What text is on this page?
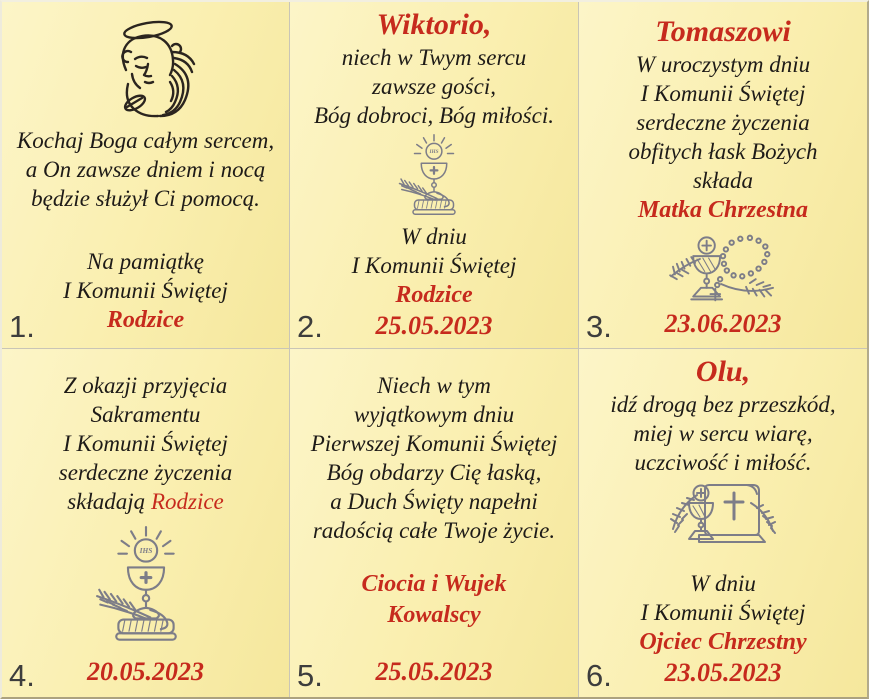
Kochaj Boga całym sercem,
a On zawsze dniem i nocą
będzie służył Ci pomocą.
Na pamiątkę
I Komunii Świętej
Rodzice
1.
Wiktorio,
niech w Twym sercu
zawsze gości,
Bóg dobroci, Bóg miłości.
W dniu
I Komunii Świętej
Rodzice
25.05.2023
2.
Tomaszowi
W uroczystym dniu
I Komunii Świętej
serdeczne życzenia
obfitych łask Bożych
składa
Matka Chrzestna
23.06.2023
3.
Z okazji przyjęcia
Sakramentu
I Komunii Świętej
serdeczne życzenia
składają Rodzice
20.05.2023
4.
Niech w tym
wyjątkowym dniu
Pierwszej Komunii Świętej
Bóg obdarzy Cię łaską,
a Duch Święty napełni
radością całe Twoje życie.
Ciocia i Wujek
Kowalscy
25.05.2023
5.
Olu,
idź drogą bez przeszkód,
miej w sercu wiarę,
uczciwość i miłość.
W dniu
I Komunii Świętej
Ojciec Chrzestny
23.05.2023
6.
